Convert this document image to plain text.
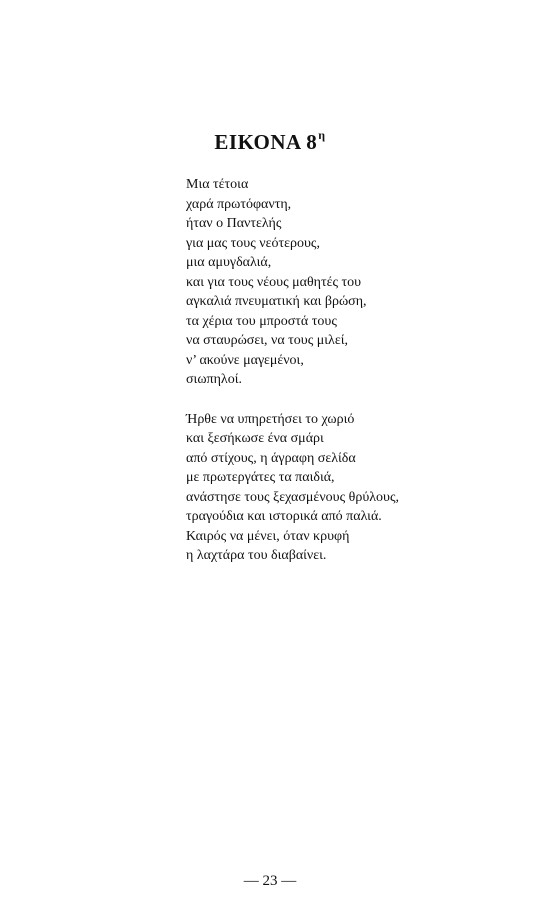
ΕΙΚΟΝΑ $8^\eta$

Μια τέτοια
χαρά πρωτόφαντη,
ήταν ο Παντελής
για μας τους νεότερους,
μια αμυγδαλιά,
και για τους νέους μαθητές του
αγκαλιά πνευματική και βρώση,
τα χέρια του μπροστά τους
να σταυρώσει, να τους μιλεί,
ν’ ακούνε μαγεμένοι,
σιωπηλοί.

Ήρθε να υπηρετήσει το χωριό
και ξεσήκωσε ένα σμάρι
από στίχους, η άγραφη σελίδα
με πρωτεργάτες τα παιδιά,
ανάστησε τους ξεχασμένους θρύλους,
τραγούδια και ιστορικά από παλιά.
Καιρός να μένει, όταν κρυφή
η λαχτάρα του διαβαίνει.

— 23 —
